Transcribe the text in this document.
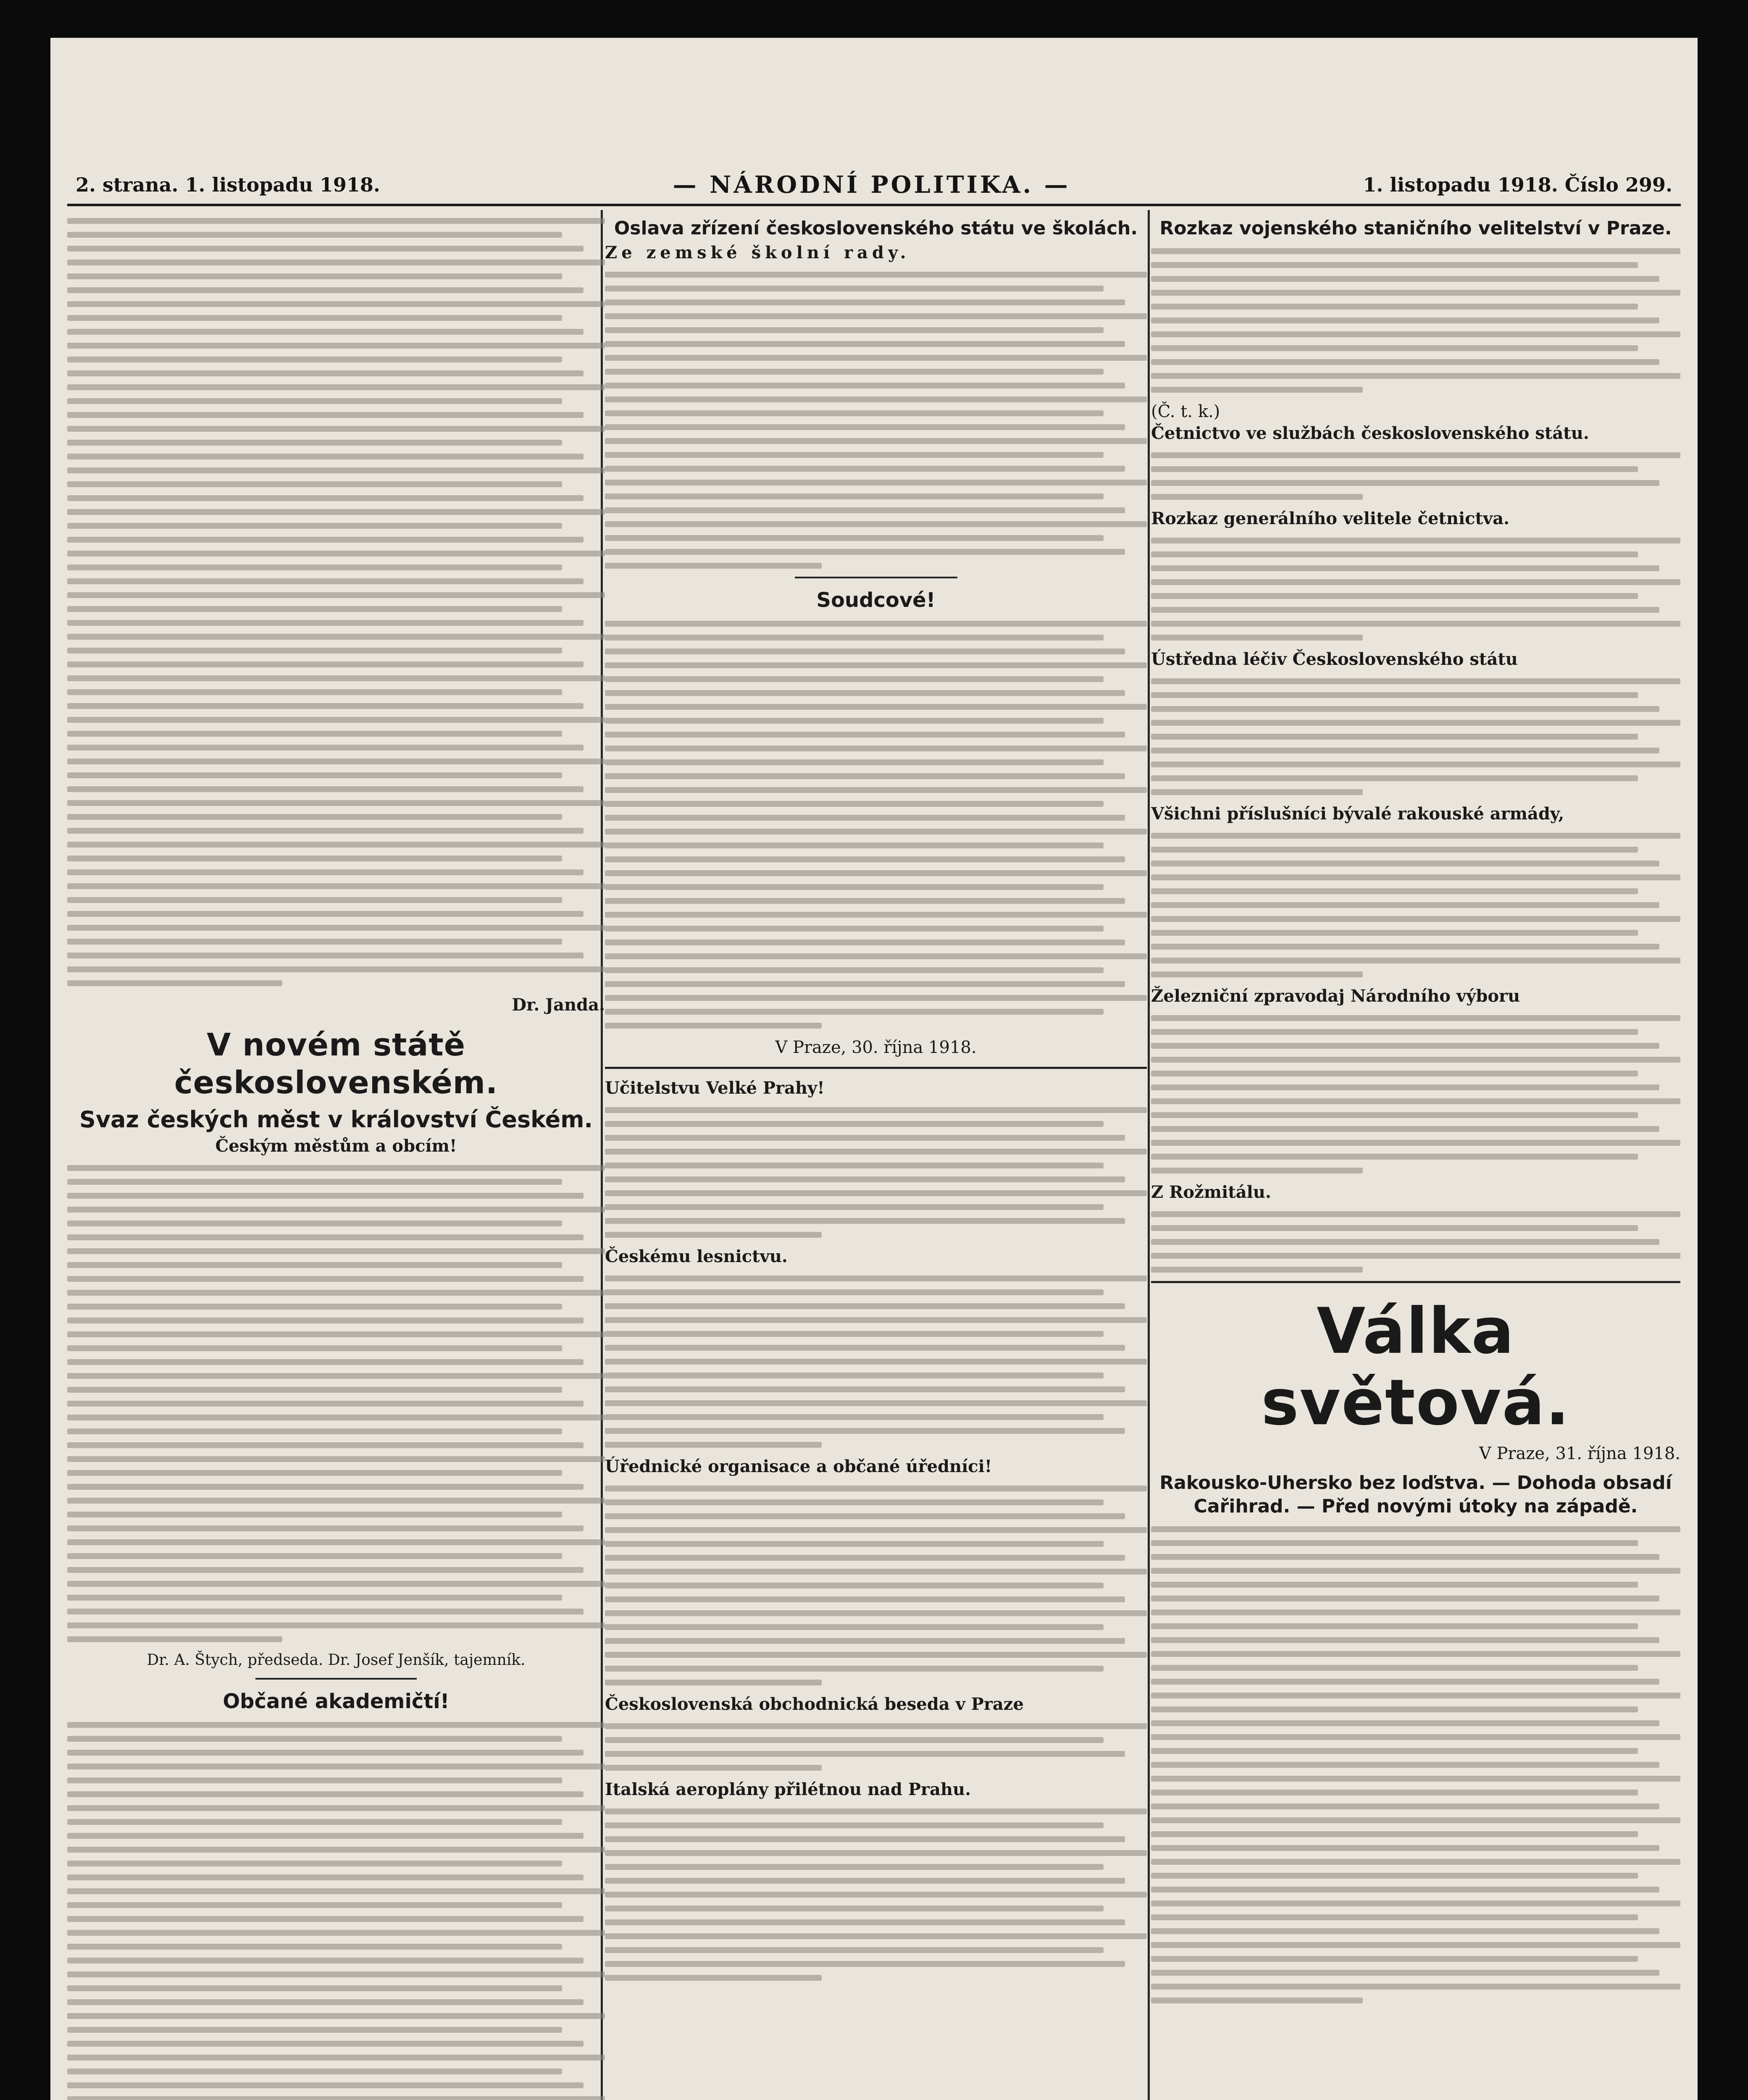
2. strana. 1. listopadu 1918.	— NÁRODNÍ POLITIKA. —	1. listopadu 1918. Číslo 299.

Dr. Janda.

V novém státě československém.
Svaz českých měst v království Českém.

Českým městům a obcím!

Dr. A. Štych, předseda. Dr. Josef Jenšík, tajemník.

Občané akademičtí!

Oslava zřízení československého státu ve školách.

Ze zemské školní rady.

Soudcové!

V Praze, 30. října 1918.

Učitelstvu Velké Prahy!

Českému lesnictvu.

Úřednické organisace a občané úředníci!

Československá obchodnická beseda v Praze

Italská aeroplány přilétnou nad Prahu.

Rozkaz vojenského staničního velitelství v Praze.

(Č. t. k.)

Četnictvo ve službách československého státu.

Rozkaz generálního velitele četnictva.

Ústředna léčiv Československého státu

Všichni příslušníci bývalé rakouské armády,

Železniční zpravodaj Národního výboru

Z Rožmitálu.

Válka světová.

V Praze, 31. října 1918.

Rakousko-Uhersko bez loďstva. — Dohoda obsadí Cařihrad. — Před novými útoky na západě.
